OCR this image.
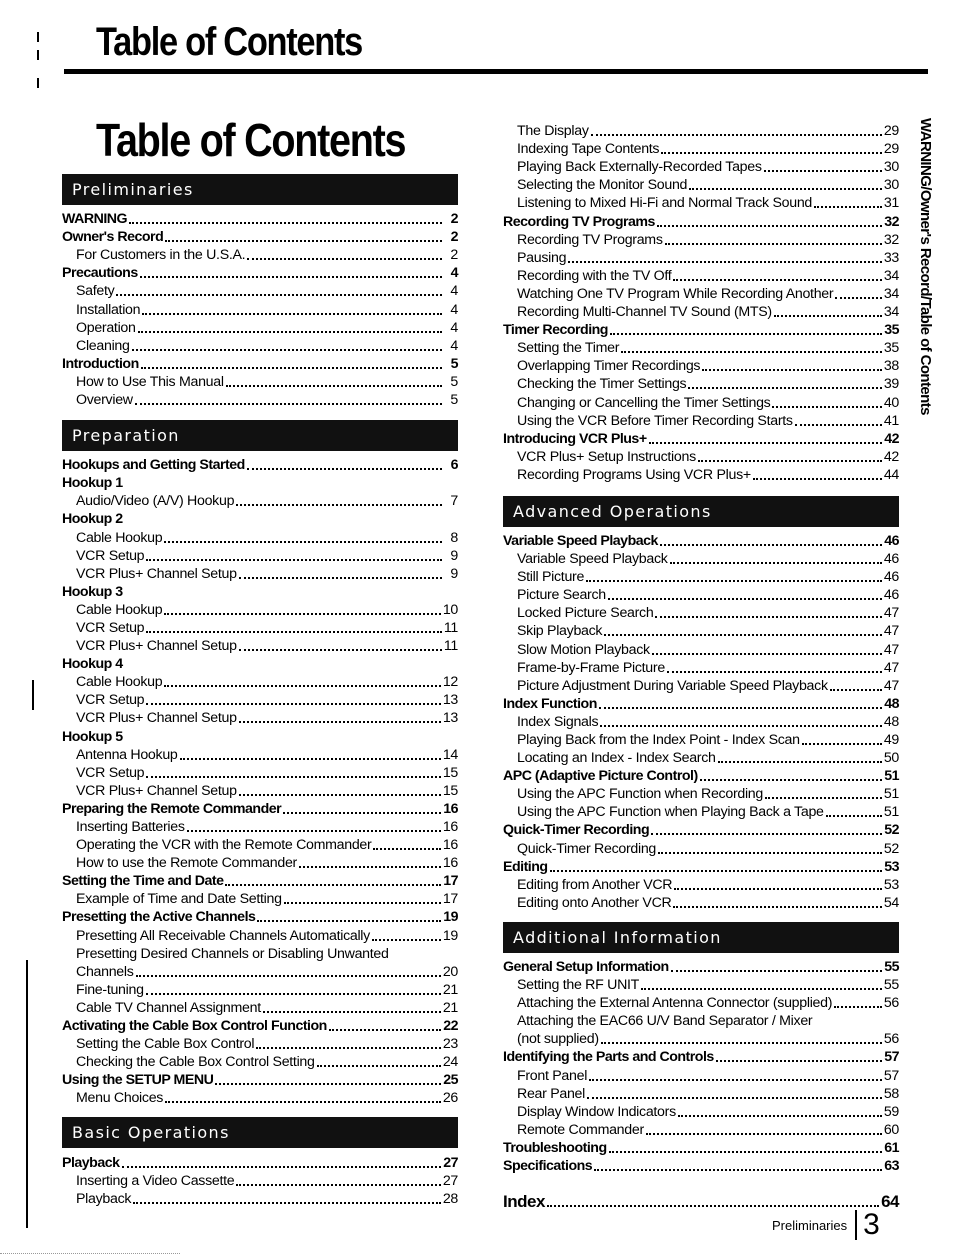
Table of Contents
Table of Contents
Preliminaries
WARNING	2
Owner's Record	2
For Customers in the U.S.A.	2
Precautions	4
Safety	4
Installation	4
Operation	4
Cleaning	4
Introduction	5
How to Use This Manual	5
Overview	5
Preparation
Hookups and Getting Started	6
Hookup 1
Audio/Video (A/V) Hookup	7
Hookup 2
Cable Hookup	8
VCR Setup	9
VCR Plus+ Channel Setup	9
Hookup 3
Cable Hookup	10
VCR Setup	11
VCR Plus+ Channel Setup	11
Hookup 4
Cable Hookup	12
VCR Setup	13
VCR Plus+ Channel Setup	13
Hookup 5
Antenna Hookup	14
VCR Setup	15
VCR Plus+ Channel Setup	15
Preparing the Remote Commander	16
Inserting Batteries	16
Operating the VCR with the Remote Commander	16
How to use the Remote Commander	16
Setting the Time and Date	17
Example of Time and Date Setting	17
Presetting the Active Channels	19
Presetting All Receivable Channels Automatically	19
Presetting Desired Channels or Disabling Unwanted
Channels	20
Fine-tuning	21
Cable TV Channel Assignment	21
Activating the Cable Box Control Function	22
Setting the Cable Box Control	23
Checking the Cable Box Control Setting	24
Using the SETUP MENU	25
Menu Choices	26
Basic Operations
Playback	27
Inserting a Video Cassette	27
Playback	28
The Display	29
Indexing Tape Contents	29
Playing Back Externally-Recorded Tapes	30
Selecting the Monitor Sound	30
Listening to Mixed Hi-Fi and Normal Track Sound	31
Recording TV Programs	32
Recording TV Programs	32
Pausing	33
Recording with the TV Off	34
Watching One TV Program While Recording Another	34
Recording Multi-Channel TV Sound (MTS)	34
Timer Recording	35
Setting the Timer	35
Overlapping Timer Recordings	38
Checking the Timer Settings	39
Changing or Cancelling the Timer Settings	40
Using the VCR Before Timer Recording Starts	41
Introducing VCR Plus+	42
VCR Plus+ Setup Instructions	42
Recording Programs Using VCR Plus+	44
Advanced Operations
Variable Speed Playback	46
Variable Speed Playback	46
Still Picture	46
Picture Search	46
Locked Picture Search	47
Skip Playback	47
Slow Motion Playback	47
Frame-by-Frame Picture	47
Picture Adjustment During Variable Speed Playback	47
Index Function	48
Index Signals	48
Playing Back from the Index Point - Index Scan	49
Locating an Index - Index Search	50
APC (Adaptive Picture Control)	51
Using the APC Function when Recording	51
Using the APC Function when Playing Back a Tape	51
Quick-Timer Recording	52
Quick-Timer Recording	52
Editing	53
Editing from Another VCR	53
Editing onto Another VCR	54
Additional Information
General Setup Information	55
Setting the RF UNIT	55
Attaching the External Antenna Connector (supplied)	56
Attaching the EAC66 U/V Band Separator / Mixer
(not supplied)	56
Identifying the Parts and Controls	57
Front Panel	57
Rear Panel	58
Display Window Indicators	59
Remote Commander	60
Troubleshooting	61
Specifications	63
Index	64
WARNING/Owner's Record/Table of Contents
Preliminaries 3
